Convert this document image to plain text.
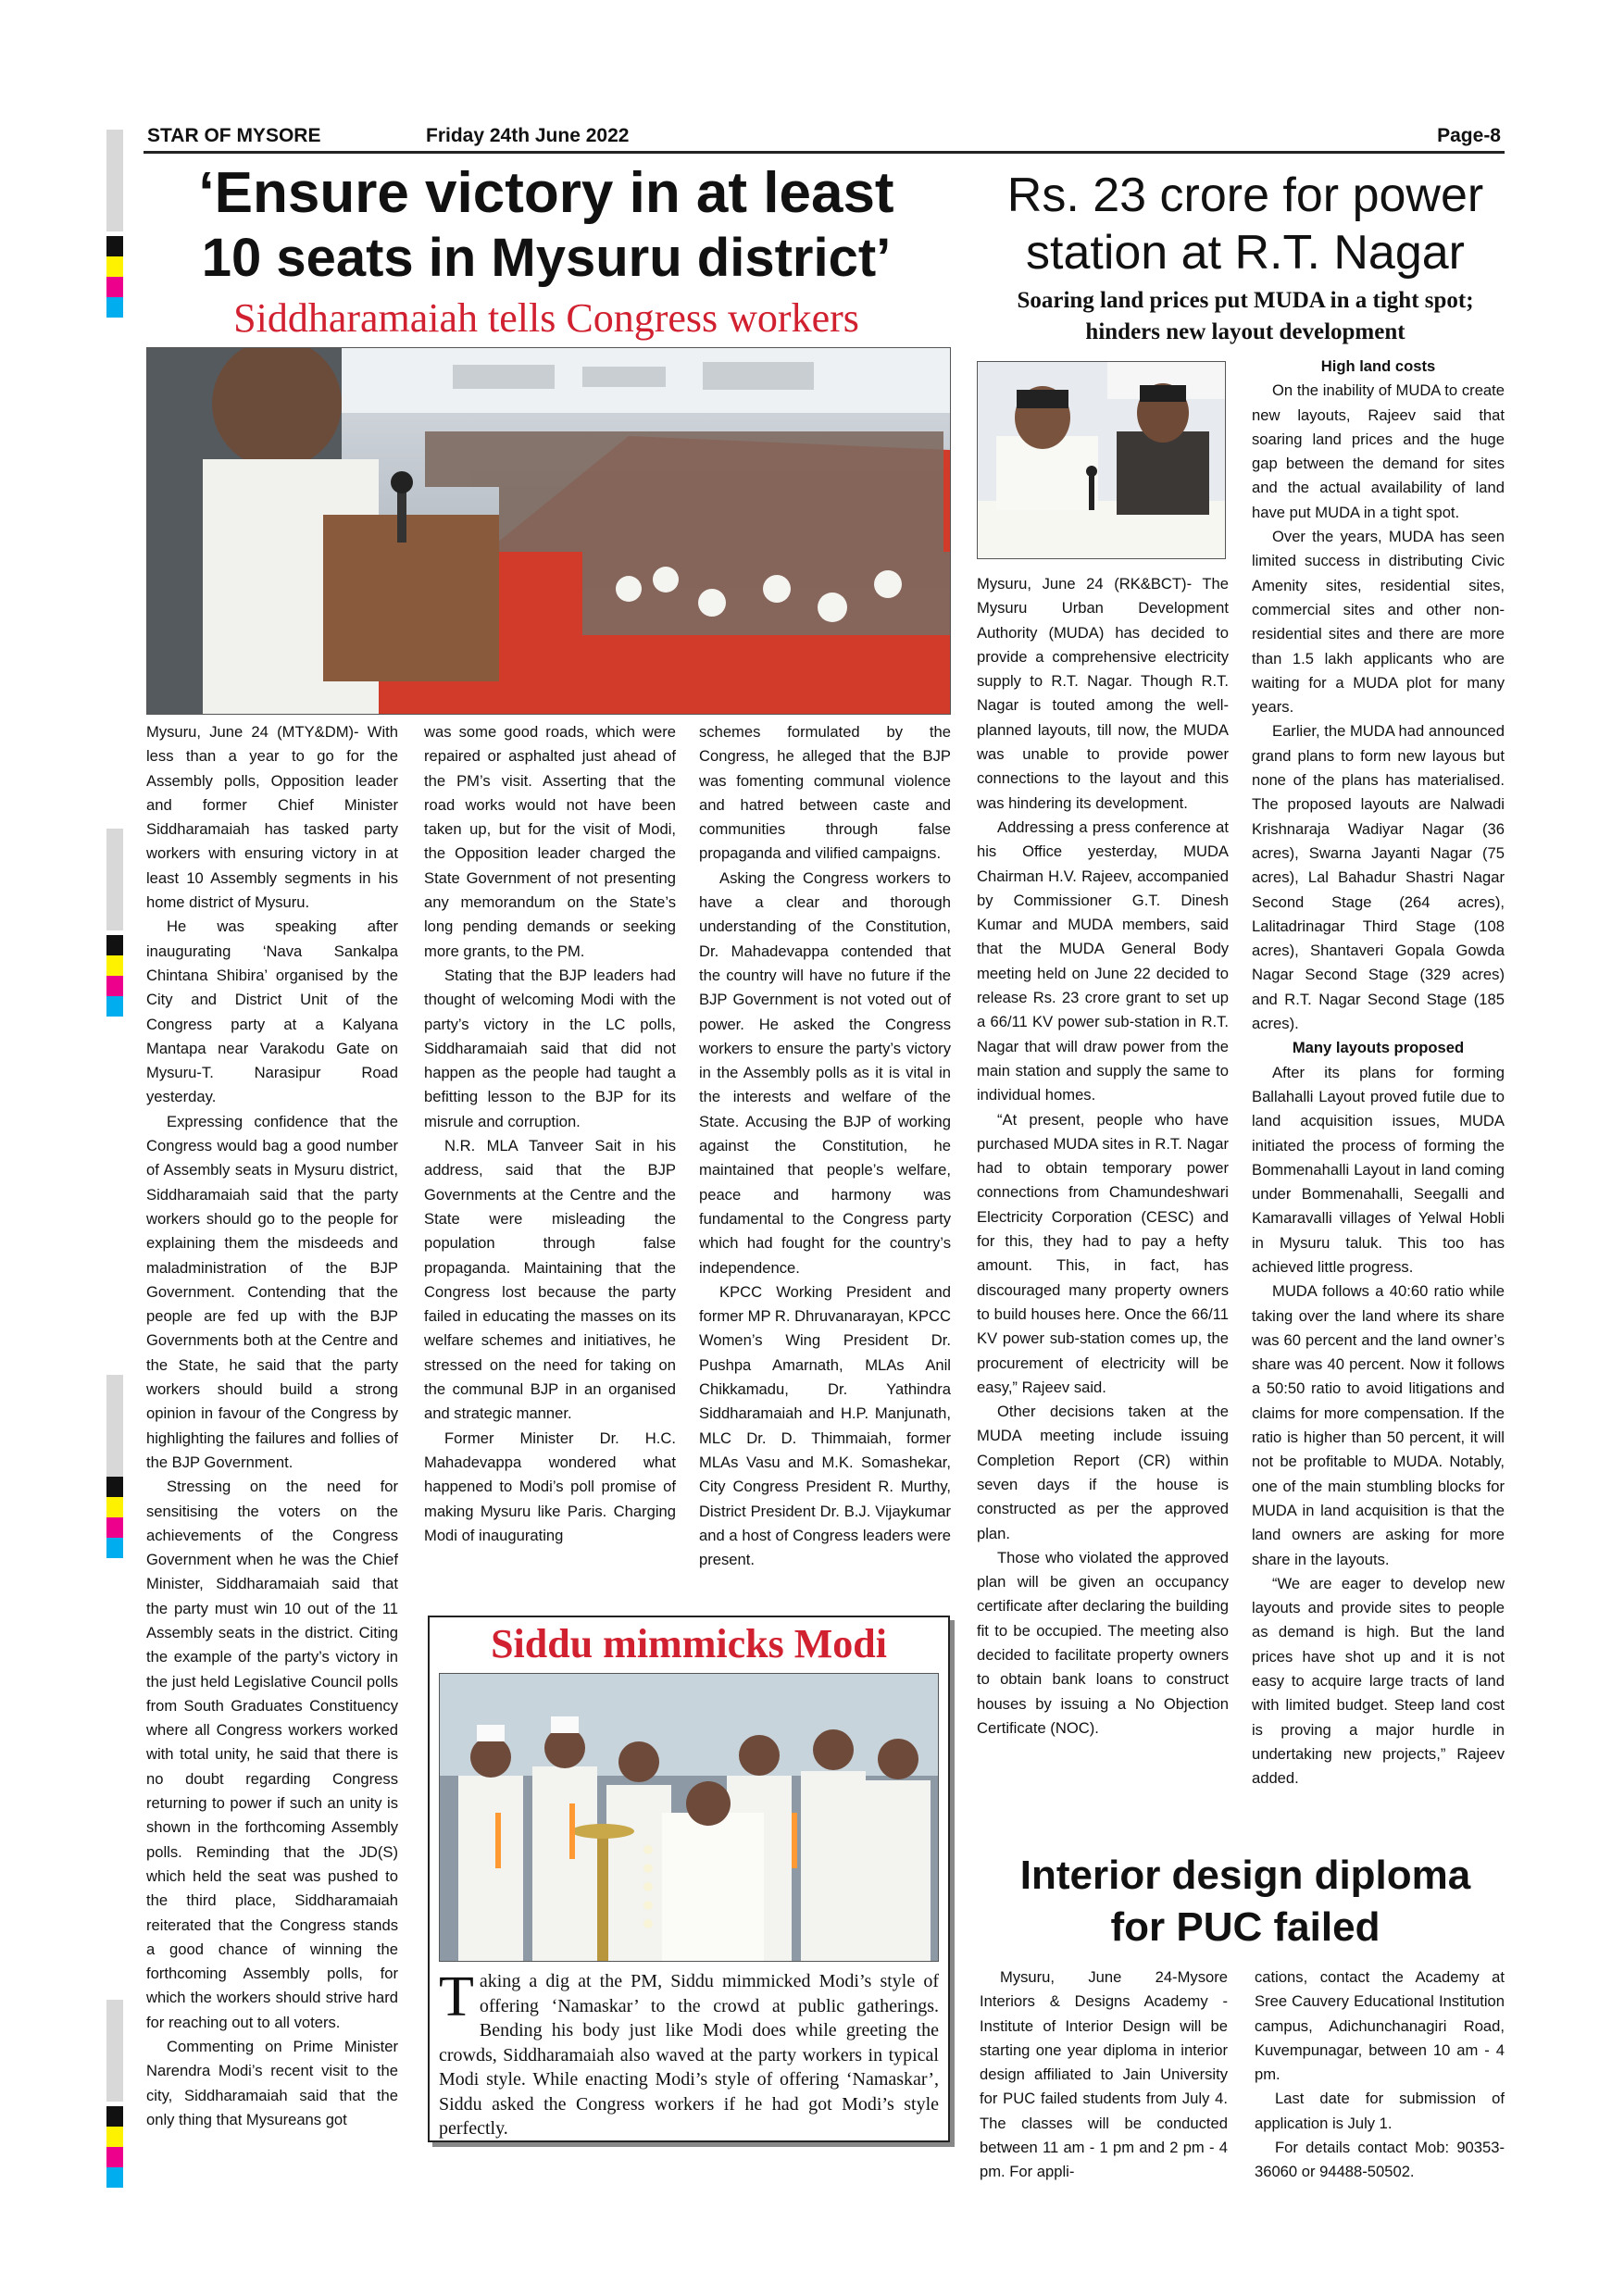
STAR OF MYSORE	Friday 24th June 2022	Page-8
‘Ensure victory in at least
10 seats in Mysuru district’
Siddharamaiah tells Congress workers

Mysuru, June 24 (MTY&DM)- With less than a year to go for the Assembly polls, Opposition leader and former Chief Minister Siddharamaiah has tasked party workers with ensuring victory in at least 10 Assembly segments in his home district of Mysuru.

He was speaking after inaugurating ‘Nava Sankalpa Chintana Shibira’ organised by the City and District Unit of the Congress party at a Kalyana Mantapa near Varakodu Gate on Mysuru-T. Narasipur Road yesterday.

Expressing confidence that the Congress would bag a good number of Assembly seats in Mysuru district, Siddharamaiah said that the party workers should go to the people for explaining them the misdeeds and maladministration of the BJP Government. Contending that the people are fed up with the BJP Governments both at the Centre and the State, he said that the party workers should build a strong opinion in favour of the Congress by highlighting the failures and follies of the BJP Government.

Stressing on the need for sensitising the voters on the achievements of the Congress Government when he was the Chief Minister, Siddharamaiah said that the party must win 10 out of the 11 Assembly seats in the district. Citing the example of the party’s victory in the just held Legislative Council polls from South Graduates Constituency where all Congress workers worked with total unity, he said that there is no doubt regarding Congress returning to power if such an unity is shown in the forthcoming Assembly polls. Reminding that the JD(S) which held the seat was pushed to the third place, Siddharamaiah reiterated that the Congress stands a good chance of winning the forthcoming Assembly polls, for which the workers should strive hard for reaching out to all voters.

Commenting on Prime Minister Narendra Modi’s recent visit to the city, Siddharamaiah said that the only thing that Mysureans got

was some good roads, which were repaired or asphalted just ahead of the PM’s visit. Asserting that the road works would not have been taken up, but for the visit of Modi, the Opposition leader charged the State Government of not presenting any memorandum on the State’s long pending demands or seeking more grants, to the PM.

Stating that the BJP leaders had thought of welcoming Modi with the party’s victory in the LC polls, Siddharamaiah said that did not happen as the people had taught a befitting lesson to the BJP for its misrule and corruption.

N.R. MLA Tanveer Sait in his address, said that the BJP Governments at the Centre and the State were misleading the population through false propaganda. Maintaining that the Congress lost because the party failed in educating the masses on its welfare schemes and initiatives, he stressed on the need for taking on the communal BJP in an organised and strategic manner.

Former Minister Dr. H.C. Mahadevappa wondered what happened to Modi’s poll promise of making Mysuru like Paris. Charging Modi of inaugurating

schemes formulated by the Congress, he alleged that the BJP was fomenting communal violence and hatred between caste and communities through false propaganda and vilified campaigns.

Asking the Congress workers to have a clear and thorough understanding of the Constitution, Dr. Mahadevappa contended that the country will have no future if the BJP Government is not voted out of power. He asked the Congress workers to ensure the party’s victory in the Assembly polls as it is vital in the interests and welfare of the State. Accusing the BJP of working against the Constitution, he maintained that people’s welfare, peace and harmony was fundamental to the Congress party which had fought for the country’s independence.

KPCC Working President and former MP R. Dhruvanarayan, KPCC Women’s Wing President Dr. Pushpa Amarnath, MLAs Anil Chikkamadu, Dr. Yathindra Siddharamaiah and H.P. Manjunath, MLC Dr. D. Thimmaiah, former MLAs Vasu and M.K. Somashekar, City Congress President R. Murthy, District President Dr. B.J. Vijaykumar and a host of Congress leaders were present.

Siddu mimmicks Modi
Taking a dig at the PM, Siddu mimmicked Modi’s style of offering ‘Namaskar’ to the crowd at public gatherings. Bending his body just like Modi does while greeting the crowds, Siddharamaiah also waved at the party workers in typical Modi style. While enacting Modi’s style of offering ‘Namaskar’, Siddu asked the Congress workers if he had got Modi’s style perfectly.
Rs. 23 crore for power
station at R.T. Nagar
Soaring land prices put MUDA in a tight spot;
hinders new layout development

Mysuru, June 24 (RK&BCT)- The Mysuru Urban Development Authority (MUDA) has decided to provide a comprehensive electricity supply to R.T. Nagar. Though R.T. Nagar is touted among the well-planned layouts, till now, the MUDA was unable to provide power connections to the layout and this was hindering its development.

Addressing a press conference at his Office yesterday, MUDA Chairman H.V. Rajeev, accompanied by Commissioner G.T. Dinesh Kumar and MUDA members, said that the MUDA General Body meeting held on June 22 decided to release Rs. 23 crore grant to set up a 66/11 KV power sub-station in R.T. Nagar that will draw power from the main station and supply the same to individual homes.

“At present, people who have purchased MUDA sites in R.T. Nagar had to obtain temporary power connections from Chamundeshwari Electricity Corporation (CESC) and for this, they had to pay a hefty amount. This, in fact, has discouraged many property owners to build houses here. Once the 66/11 KV power sub-station comes up, the procurement of electricity will be easy,” Rajeev said.

Other decisions taken at the MUDA meeting include issuing Completion Report (CR) within seven days if the house is constructed as per the approved plan.

Those who violated the approved plan will be given an occupancy certificate after declaring the building fit to be occupied. The meeting also decided to facilitate property owners to obtain bank loans to construct houses by issuing a No Objection Certificate (NOC).

High land costs

On the inability of MUDA to create new layouts, Rajeev said that soaring land prices and the huge gap between the demand for sites and the actual availability of land have put MUDA in a tight spot.

Over the years, MUDA has seen limited success in distributing Civic Amenity sites, residential sites, commercial sites and other non-residential sites and there are more than 1.5 lakh applicants who are waiting for a MUDA plot for many years.

Earlier, the MUDA had announced grand plans to form new layous but none of the plans has materialised. The proposed layouts are Nalwadi Krishnaraja Wadiyar Nagar (36 acres), Swarna Jayanti Nagar (75 acres), Lal Bahadur Shastri Nagar Second Stage (264 acres), Lalitadrinagar Third Stage (108 acres), Shantaveri Gopala Gowda Nagar Second Stage (329 acres) and R.T. Nagar Second Stage (185 acres).

Many layouts proposed

After its plans for forming Ballahalli Layout proved futile due to land acquisition issues, MUDA initiated the process of forming the Bommenahalli Layout in land coming under Bommenahalli, Seegalli and Kamaravalli villages of Yelwal Hobli in Mysuru taluk. This too has achieved little progress.

MUDA follows a 40:60 ratio while taking over the land where its share was 60 percent and the land owner’s share was 40 percent. Now it follows a 50:50 ratio to avoid litigations and claims for more compensation. If the ratio is higher than 50 percent, it will not be profitable to MUDA. Notably, one of the main stumbling blocks for MUDA in land acquisition is that the land owners are asking for more share in the layouts.

“We are eager to develop new layouts and provide sites to people as demand is high. But the land prices have shot up and it is not easy to acquire large tracts of land with limited budget. Steep land cost is proving a major hurdle in undertaking new projects,” Rajeev added.

Interior design diploma
for PUC failed

Mysuru, June 24-Mysore Interiors & Designs Academy - Institute of Interior Design will be starting one year diploma in interior design affiliated to Jain University for PUC failed students from July 4. The classes will be conducted between 11 am - 1 pm and 2 pm - 4 pm. For appli-

cations, contact the Academy at Sree Cauvery Educational Institution campus, Adichunchanagiri Road, Kuvempunagar, between 10 am - 4 pm.

Last date for submission of application is July 1.

For details contact Mob: 90353-36060 or 94488-50502.
